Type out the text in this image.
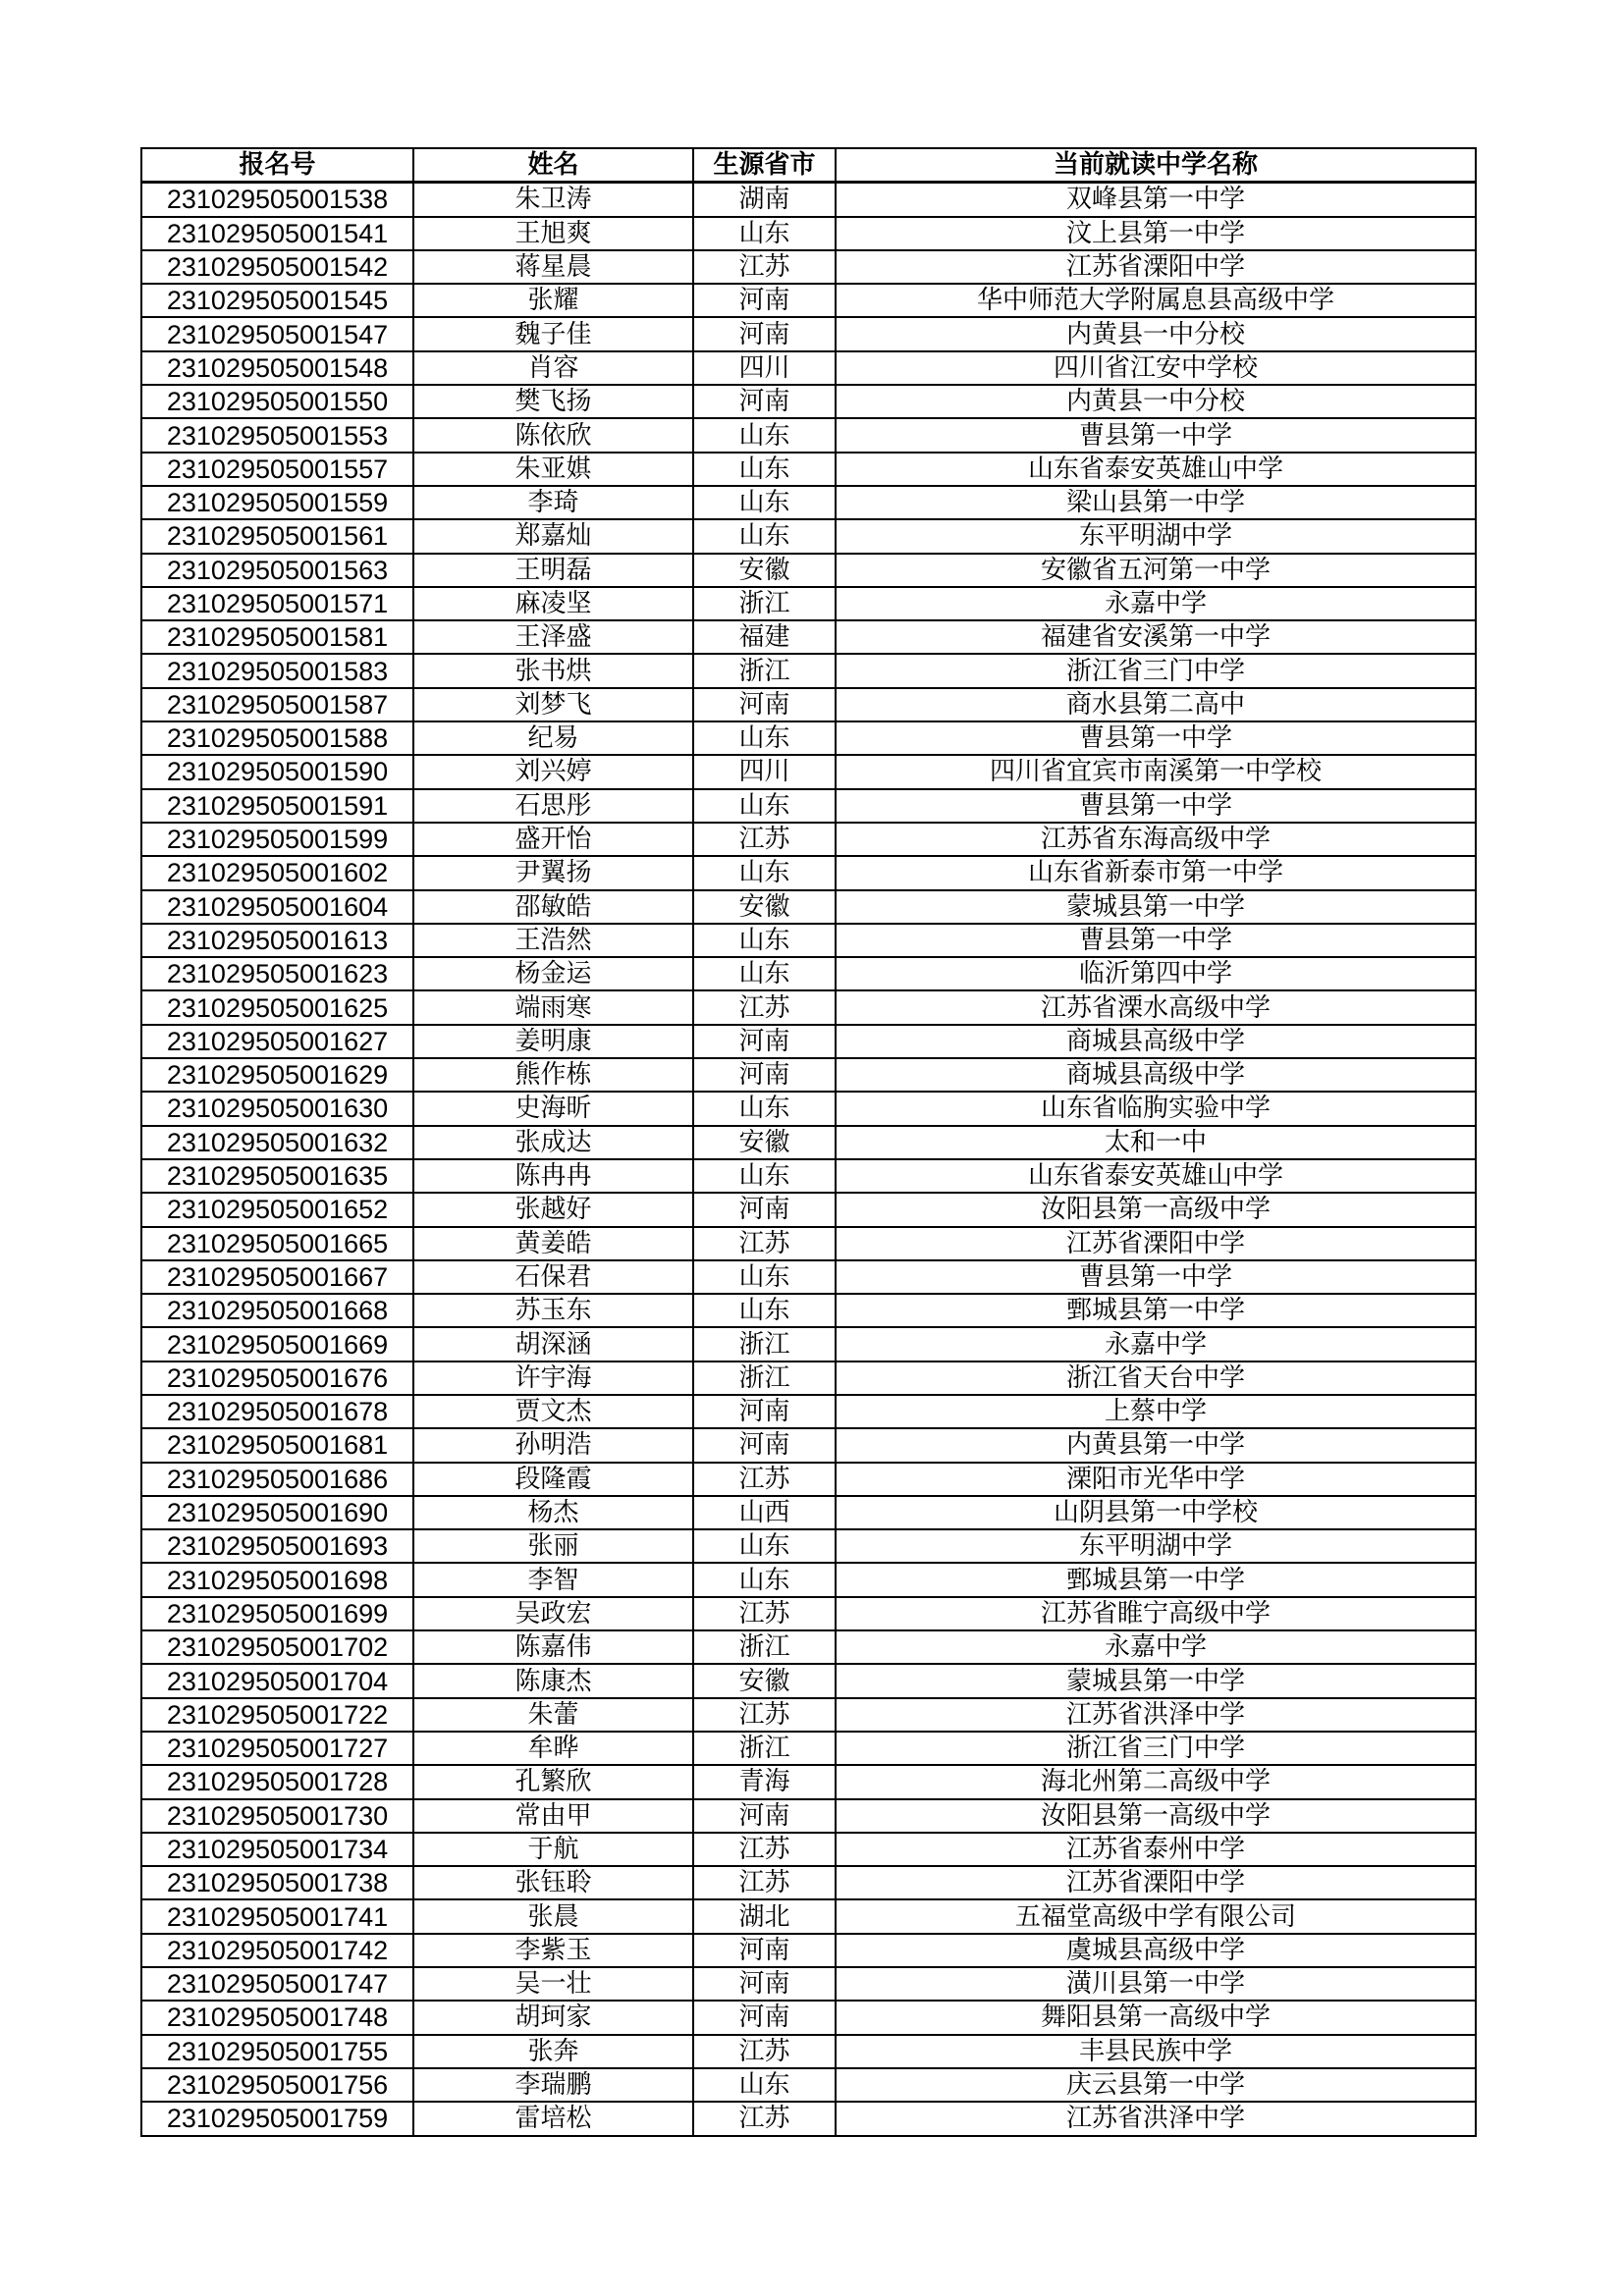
报名号	姓名	生源省市	当前就读中学名称
231029505001538	朱卫涛	湖南	双峰县第一中学
231029505001541	王旭爽	山东	汶上县第一中学
231029505001542	蒋星晨	江苏	江苏省溧阳中学
231029505001545	张耀	河南	华中师范大学附属息县高级中学
231029505001547	魏子佳	河南	内黄县一中分校
231029505001548	肖容	四川	四川省江安中学校
231029505001550	樊飞扬	河南	内黄县一中分校
231029505001553	陈依欣	山东	曹县第一中学
231029505001557	朱亚娸	山东	山东省泰安英雄山中学
231029505001559	李琦	山东	梁山县第一中学
231029505001561	郑嘉灿	山东	东平明湖中学
231029505001563	王明磊	安徽	安徽省五河第一中学
231029505001571	麻凌坚	浙江	永嘉中学
231029505001581	王泽盛	福建	福建省安溪第一中学
231029505001583	张书烘	浙江	浙江省三门中学
231029505001587	刘梦飞	河南	商水县第二高中
231029505001588	纪易	山东	曹县第一中学
231029505001590	刘兴婷	四川	四川省宜宾市南溪第一中学校
231029505001591	石思彤	山东	曹县第一中学
231029505001599	盛开怡	江苏	江苏省东海高级中学
231029505001602	尹翼扬	山东	山东省新泰市第一中学
231029505001604	邵敏皓	安徽	蒙城县第一中学
231029505001613	王浩然	山东	曹县第一中学
231029505001623	杨金运	山东	临沂第四中学
231029505001625	端雨寒	江苏	江苏省溧水高级中学
231029505001627	姜明康	河南	商城县高级中学
231029505001629	熊作栋	河南	商城县高级中学
231029505001630	史海昕	山东	山东省临朐实验中学
231029505001632	张成达	安徽	太和一中
231029505001635	陈冉冉	山东	山东省泰安英雄山中学
231029505001652	张越好	河南	汝阳县第一高级中学
231029505001665	黄姜皓	江苏	江苏省溧阳中学
231029505001667	石保君	山东	曹县第一中学
231029505001668	苏玉东	山东	鄄城县第一中学
231029505001669	胡深涵	浙江	永嘉中学
231029505001676	许宇海	浙江	浙江省天台中学
231029505001678	贾文杰	河南	上蔡中学
231029505001681	孙明浩	河南	内黄县第一中学
231029505001686	段隆霞	江苏	溧阳市光华中学
231029505001690	杨杰	山西	山阴县第一中学校
231029505001693	张丽	山东	东平明湖中学
231029505001698	李智	山东	鄄城县第一中学
231029505001699	吴政宏	江苏	江苏省睢宁高级中学
231029505001702	陈嘉伟	浙江	永嘉中学
231029505001704	陈康杰	安徽	蒙城县第一中学
231029505001722	朱蕾	江苏	江苏省洪泽中学
231029505001727	牟晔	浙江	浙江省三门中学
231029505001728	孔繁欣	青海	海北州第二高级中学
231029505001730	常由甲	河南	汝阳县第一高级中学
231029505001734	于航	江苏	江苏省泰州中学
231029505001738	张钰聆	江苏	江苏省溧阳中学
231029505001741	张晨	湖北	五福堂高级中学有限公司
231029505001742	李紫玉	河南	虞城县高级中学
231029505001747	吴一壮	河南	潢川县第一中学
231029505001748	胡珂家	河南	舞阳县第一高级中学
231029505001755	张奔	江苏	丰县民族中学
231029505001756	李瑞鹏	山东	庆云县第一中学
231029505001759	雷培松	江苏	江苏省洪泽中学
